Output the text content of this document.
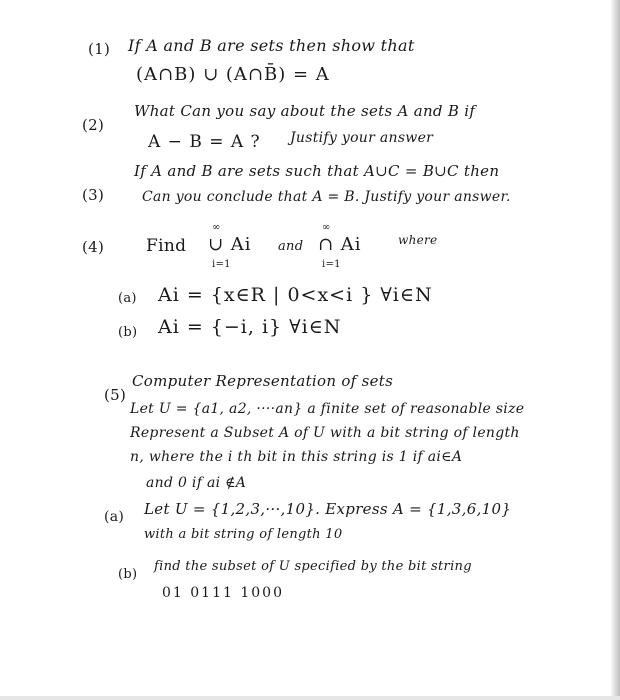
(1) If A and B are sets then show that
(A∩B) ∪ (A∩B̄) = A
(2)
What Can you say about the sets A and B if
A − B = A ? Justify your answer
(3)
If A and B are sets such that A∪C = B∪C then
Can you conclude that A = B. Justify your answer.
(4) Find
∞
∪ Ai
i=1
and
∞
∩ Ai
i=1
where
(a) Ai = {x∈R | 0<x<i } ∀i∈N
(b) Ai = {−i, i} ∀i∈N
(5)
Computer Representation of sets
Let U = {a1, a2, ····an} a finite set of reasonable size
Represent a Subset A of U with a bit string of length
n, where the i th bit in this string is 1 if ai∈A
and 0 if ai ∉A
(a) Let U = {1,2,3,···,10}. Express A = {1,3,6,10}
with a bit string of length 10
(b)
find the subset of U specified by the bit string
01 0111 1000
